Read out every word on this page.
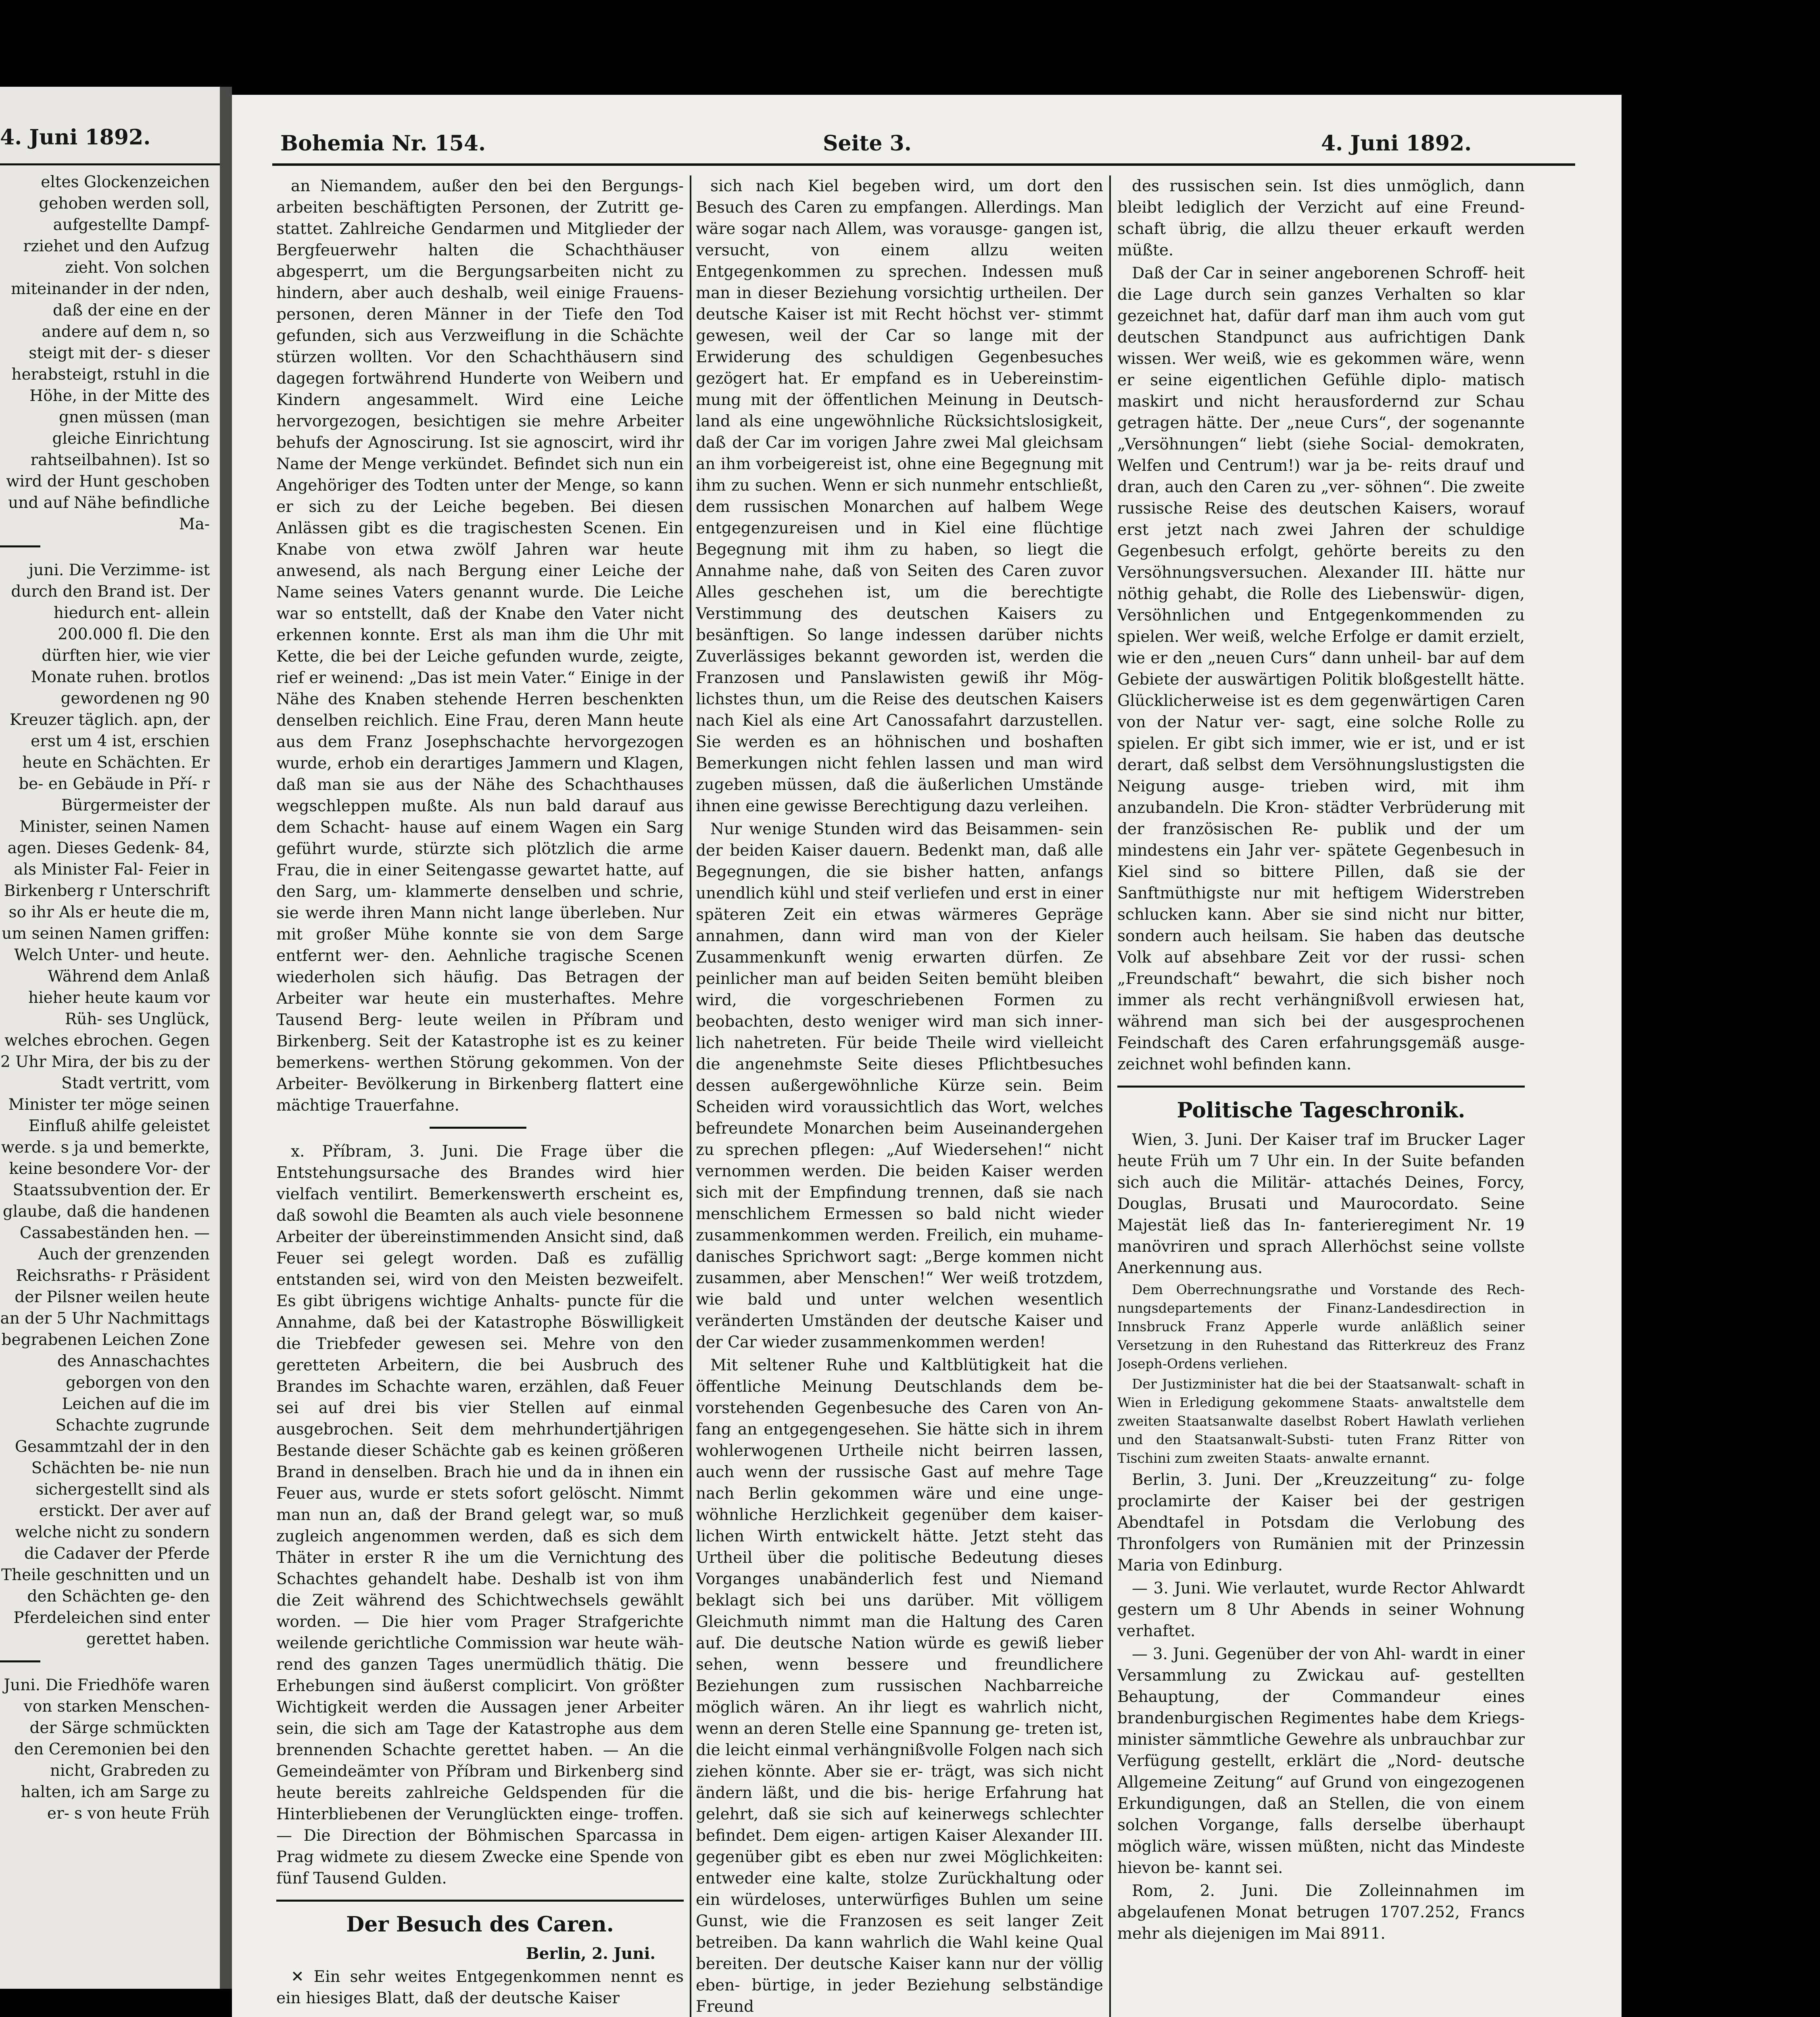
4. Juni 1892.

eltes Glockenzeichen gehoben werden soll, aufgestellte Dampf- rziehet und den Aufzug zieht. Von solchen miteinander in der nden, daß der eine en der andere auf dem n, so steigt mit der- s dieser herabsteigt, rstuhl in die Höhe, in der Mitte des gnen müssen (man gleiche Einrichtung rahtseilbahnen). Ist so wird der Hunt geschoben und auf Nähe befindliche Ma-

juni. Die Verzimme- ist durch den Brand ist. Der hiedurch ent- allein 200.000 fl. Die den dürften hier, wie vier Monate ruhen. brotlos gewordenen ng 90 Kreuzer täglich. apn, der erst um 4 ist, erschien heute en Schächten. Er be- en Gebäude in Pří- r Bürgermeister der Minister, seinen Namen agen. Dieses Gedenk- 84, als Minister Fal- Feier in Birkenberg r Unterschrift so ihr Als er heute die m, um seinen Namen griffen: Welch Unter- und heute. Während dem Anlaß hieher heute kaum vor Rüh- ses Unglück, welches ebrochen. Gegen 2 Uhr Mira, der bis zu der Stadt vertritt, vom Minister ter möge seinen Einfluß ahilfe geleistet werde. s ja und bemerkte, keine besondere Vor- der Staatssubvention der. Er glaube, daß die handenen Cassabeständen hen. — Auch der grenzenden Reichsraths- r Präsident der Pilsner weilen heute an der 5 Uhr Nachmittags begrabenen Leichen Zone des Annaschachtes geborgen von den Leichen auf die im Schachte zugrunde Gesammtzahl der in den Schächten be- nie nun sichergestellt sind als erstickt. Der aver auf welche nicht zu sondern die Cadaver der Pferde Theile geschnitten und un den Schächten ge- den Pferdeleichen sind enter gerettet haben.

Juni. Die Friedhöfe waren von starken Menschen- der Särge schmückten den Ceremonien bei den nicht, Grabreden zu halten, ich am Sarge zu er- s von heute Früh

Bohemia Nr. 154.	Seite 3.	4. Juni 1892.

an Niemandem, außer den bei den Bergungs- arbeiten beschäftigten Personen, der Zutritt ge- stattet. Zahlreiche Gendarmen und Mitglieder der Bergfeuerwehr halten die Schachthäuser abgesperrt, um die Bergungsarbeiten nicht zu hindern, aber auch deshalb, weil einige Frauens- personen, deren Männer in der Tiefe den Tod gefunden, sich aus Verzweiflung in die Schächte stürzen wollten. Vor den Schachthäusern sind dagegen fortwährend Hunderte von Weibern und Kindern angesammelt. Wird eine Leiche hervorgezogen, besichtigen sie mehre Arbeiter behufs der Agnoscirung. Ist sie agnoscirt, wird ihr Name der Menge verkündet. Befindet sich nun ein Angehöriger des Todten unter der Menge, so kann er sich zu der Leiche begeben. Bei diesen Anlässen gibt es die tragischesten Scenen. Ein Knabe von etwa zwölf Jahren war heute anwesend, als nach Bergung einer Leiche der Name seines Vaters genannt wurde. Die Leiche war so entstellt, daß der Knabe den Vater nicht erkennen konnte. Erst als man ihm die Uhr mit Kette, die bei der Leiche gefunden wurde, zeigte, rief er weinend: „Das ist mein Vater.“ Einige in der Nähe des Knaben stehende Herren beschenkten denselben reichlich. Eine Frau, deren Mann heute aus dem Franz Josephschachte hervorgezogen wurde, erhob ein derartiges Jammern und Klagen, daß man sie aus der Nähe des Schachthauses wegschleppen mußte. Als nun bald darauf aus dem Schacht- hause auf einem Wagen ein Sarg geführt wurde, stürzte sich plötzlich die arme Frau, die in einer Seitengasse gewartet hatte, auf den Sarg, um- klammerte denselben und schrie, sie werde ihren Mann nicht lange überleben. Nur mit großer Mühe konnte sie von dem Sarge entfernt wer- den. Aehnliche tragische Scenen wiederholen sich häufig. Das Betragen der Arbeiter war heute ein musterhaftes. Mehre Tausend Berg- leute weilen in Příbram und Birkenberg. Seit der Katastrophe ist es zu keiner bemerkens- werthen Störung gekommen. Von der Arbeiter- Bevölkerung in Birkenberg flattert eine mächtige Trauerfahne.

x. Příbram, 3. Juni. Die Frage über die Entstehungsursache des Brandes wird hier vielfach ventilirt. Bemerkenswerth erscheint es, daß sowohl die Beamten als auch viele besonnene Arbeiter der übereinstimmenden Ansicht sind, daß Feuer sei gelegt worden. Daß es zufällig entstanden sei, wird von den Meisten bezweifelt. Es gibt übrigens wichtige Anhalts- puncte für die Annahme, daß bei der Katastrophe Böswilligkeit die Triebfeder gewesen sei. Mehre von den geretteten Arbeitern, die bei Ausbruch des Brandes im Schachte waren, erzählen, daß Feuer sei auf drei bis vier Stellen auf einmal ausgebrochen. Seit dem mehrhundertjährigen Bestande dieser Schächte gab es keinen größeren Brand in denselben. Brach hie und da in ihnen ein Feuer aus, wurde er stets sofort gelöscht. Nimmt man nun an, daß der Brand gelegt war, so muß zugleich angenommen werden, daß es sich dem Thäter in erster R ihe um die Vernichtung des Schachtes gehandelt habe. Deshalb ist von ihm die Zeit während des Schichtwechsels gewählt worden. — Die hier vom Prager Strafgerichte weilende gerichtliche Commission war heute wäh- rend des ganzen Tages unermüdlich thätig. Die Erhebungen sind äußerst complicirt. Von größter Wichtigkeit werden die Aussagen jener Arbeiter sein, die sich am Tage der Katastrophe aus dem brennenden Schachte gerettet haben. — An die Gemeindeämter von Příbram und Birkenberg sind heute bereits zahlreiche Geldspenden für die Hinterbliebenen der Verunglückten einge- troffen. — Die Direction der Böhmischen Sparcassa in Prag widmete zu diesem Zwecke eine Spende von fünf Tausend Gulden.

Der Besuch des Caren.

Berlin, 2. Juni.

✕ Ein sehr weites Entgegenkommen nennt es ein hiesiges Blatt, daß der deutsche Kaiser

sich nach Kiel begeben wird, um dort den Besuch des Caren zu empfangen. Allerdings. Man wäre sogar nach Allem, was vorausge- gangen ist, versucht, von einem allzu weiten Entgegenkommen zu sprechen. Indessen muß man in dieser Beziehung vorsichtig urtheilen. Der deutsche Kaiser ist mit Recht höchst ver- stimmt gewesen, weil der Car so lange mit der Erwiderung des schuldigen Gegenbesuches gezögert hat. Er empfand es in Uebereinstim- mung mit der öffentlichen Meinung in Deutsch- land als eine ungewöhnliche Rücksichtslosigkeit, daß der Car im vorigen Jahre zwei Mal gleichsam an ihm vorbeigereist ist, ohne eine Begegnung mit ihm zu suchen. Wenn er sich nunmehr entschließt, dem russischen Monarchen auf halbem Wege entgegenzureisen und in Kiel eine flüchtige Begegnung mit ihm zu haben, so liegt die Annahme nahe, daß von Seiten des Caren zuvor Alles geschehen ist, um die berechtigte Verstimmung des deutschen Kaisers zu besänftigen. So lange indessen darüber nichts Zuverlässiges bekannt geworden ist, werden die Franzosen und Panslawisten gewiß ihr Mög- lichstes thun, um die Reise des deutschen Kaisers nach Kiel als eine Art Canossafahrt darzustellen. Sie werden es an höhnischen und boshaften Bemerkungen nicht fehlen lassen und man wird zugeben müssen, daß die äußerlichen Umstände ihnen eine gewisse Berechtigung dazu verleihen.

Nur wenige Stunden wird das Beisammen- sein der beiden Kaiser dauern. Bedenkt man, daß alle Begegnungen, die sie bisher hatten, anfangs unendlich kühl und steif verliefen und erst in einer späteren Zeit ein etwas wärmeres Gepräge annahmen, dann wird man von der Kieler Zusammenkunft wenig erwarten dürfen. Ze peinlicher man auf beiden Seiten bemüht bleiben wird, die vorgeschriebenen Formen zu beobachten, desto weniger wird man sich inner- lich nahetreten. Für beide Theile wird vielleicht die angenehmste Seite dieses Pflichtbesuches dessen außergewöhnliche Kürze sein. Beim Scheiden wird voraussichtlich das Wort, welches befreundete Monarchen beim Auseinandergehen zu sprechen pflegen: „Auf Wiedersehen!“ nicht vernommen werden. Die beiden Kaiser werden sich mit der Empfindung trennen, daß sie nach menschlichem Ermessen so bald nicht wieder zusammenkommen werden. Freilich, ein muhame- danisches Sprichwort sagt: „Berge kommen nicht zusammen, aber Menschen!“ Wer weiß trotzdem, wie bald und unter welchen wesentlich veränderten Umständen der deutsche Kaiser und der Car wieder zusammenkommen werden!

Mit seltener Ruhe und Kaltblütigkeit hat die öffentliche Meinung Deutschlands dem be- vorstehenden Gegenbesuche des Caren von An- fang an entgegengesehen. Sie hätte sich in ihrem wohlerwogenen Urtheile nicht beirren lassen, auch wenn der russische Gast auf mehre Tage nach Berlin gekommen wäre und eine unge- wöhnliche Herzlichkeit gegenüber dem kaiser- lichen Wirth entwickelt hätte. Jetzt steht das Urtheil über die politische Bedeutung dieses Vorganges unabänderlich fest und Niemand beklagt sich bei uns darüber. Mit völligem Gleichmuth nimmt man die Haltung des Caren auf. Die deutsche Nation würde es gewiß lieber sehen, wenn bessere und freundlichere Beziehungen zum russischen Nachbarreiche möglich wären. An ihr liegt es wahrlich nicht, wenn an deren Stelle eine Spannung ge- treten ist, die leicht einmal verhängnißvolle Folgen nach sich ziehen könnte. Aber sie er- trägt, was sich nicht ändern läßt, und die bis- herige Erfahrung hat gelehrt, daß sie sich auf keinerwegs schlechter befindet. Dem eigen- artigen Kaiser Alexander III. gegenüber gibt es eben nur zwei Möglichkeiten: entweder eine kalte, stolze Zurückhaltung oder ein würdeloses, unterwürfiges Buhlen um seine Gunst, wie die Franzosen es seit langer Zeit betreiben. Da kann wahrlich die Wahl keine Qual bereiten. Der deutsche Kaiser kann nur der völlig eben- bürtige, in jeder Beziehung selbständige Freund

des russischen sein. Ist dies unmöglich, dann bleibt lediglich der Verzicht auf eine Freund- schaft übrig, die allzu theuer erkauft werden müßte.

Daß der Car in seiner angeborenen Schroff- heit die Lage durch sein ganzes Verhalten so klar gezeichnet hat, dafür darf man ihm auch vom gut deutschen Standpunct aus aufrichtigen Dank wissen. Wer weiß, wie es gekommen wäre, wenn er seine eigentlichen Gefühle diplo- matisch maskirt und nicht herausfordernd zur Schau getragen hätte. Der „neue Curs“, der sogenannte „Versöhnungen“ liebt (siehe Social- demokraten, Welfen und Centrum!) war ja be- reits drauf und dran, auch den Caren zu „ver- söhnen“. Die zweite russische Reise des deutschen Kaisers, worauf erst jetzt nach zwei Jahren der schuldige Gegenbesuch erfolgt, gehörte bereits zu den Versöhnungsversuchen. Alexander III. hätte nur nöthig gehabt, die Rolle des Liebenswür- digen, Versöhnlichen und Entgegenkommenden zu spielen. Wer weiß, welche Erfolge er damit erzielt, wie er den „neuen Curs“ dann unheil- bar auf dem Gebiete der auswärtigen Politik bloßgestellt hätte. Glücklicherweise ist es dem gegenwärtigen Caren von der Natur ver- sagt, eine solche Rolle zu spielen. Er gibt sich immer, wie er ist, und er ist derart, daß selbst dem Versöhnungslustigsten die Neigung ausge- trieben wird, mit ihm anzubandeln. Die Kron- städter Verbrüderung mit der französischen Re- publik und der um mindestens ein Jahr ver- spätete Gegenbesuch in Kiel sind so bittere Pillen, daß sie der Sanftmüthigste nur mit heftigem Widerstreben schlucken kann. Aber sie sind nicht nur bitter, sondern auch heilsam. Sie haben das deutsche Volk auf absehbare Zeit vor der russi- schen „Freundschaft“ bewahrt, die sich bisher noch immer als recht verhängnißvoll erwiesen hat, während man sich bei der ausgesprochenen Feindschaft des Caren erfahrungsgemäß ausge- zeichnet wohl befinden kann.

Politische Tageschronik.

Wien, 3. Juni. Der Kaiser traf im Brucker Lager heute Früh um 7 Uhr ein. In der Suite befanden sich auch die Militär- attachés Deines, Forcy, Douglas, Brusati und Maurocordato. Seine Majestät ließ das In- fanterieregiment Nr. 19 manövriren und sprach Allerhöchst seine vollste Anerkennung aus.

Dem Oberrechnungsrathe und Vorstande des Rech- nungsdepartements der Finanz-Landesdirection in Innsbruck Franz Apperle wurde anläßlich seiner Versetzung in den Ruhestand das Ritterkreuz des Franz Joseph-Ordens verliehen.

Der Justizminister hat die bei der Staatsanwalt- schaft in Wien in Erledigung gekommene Staats- anwaltstelle dem zweiten Staatsanwalte daselbst Robert Hawlath verliehen und den Staatsanwalt-Substi- tuten Franz Ritter von Tischini zum zweiten Staats- anwalte ernannt.

Berlin, 3. Juni. Der „Kreuzzeitung“ zu- folge proclamirte der Kaiser bei der gestrigen Abendtafel in Potsdam die Verlobung des Thronfolgers von Rumänien mit der Prinzessin Maria von Edinburg.

— 3. Juni. Wie verlautet, wurde Rector Ahlwardt gestern um 8 Uhr Abends in seiner Wohnung verhaftet.

— 3. Juni. Gegenüber der von Ahl- wardt in einer Versammlung zu Zwickau auf- gestellten Behauptung, der Commandeur eines brandenburgischen Regimentes habe dem Kriegs- minister sämmtliche Gewehre als unbrauchbar zur Verfügung gestellt, erklärt die „Nord- deutsche Allgemeine Zeitung“ auf Grund von eingezogenen Erkundigungen, daß an Stellen, die von einem solchen Vorgange, falls derselbe überhaupt möglich wäre, wissen müßten, nicht das Mindeste hievon be- kannt sei.

Rom, 2. Juni. Die Zolleinnahmen im abgelaufenen Monat betrugen 1707.252, Francs mehr als diejenigen im Mai 8911.
